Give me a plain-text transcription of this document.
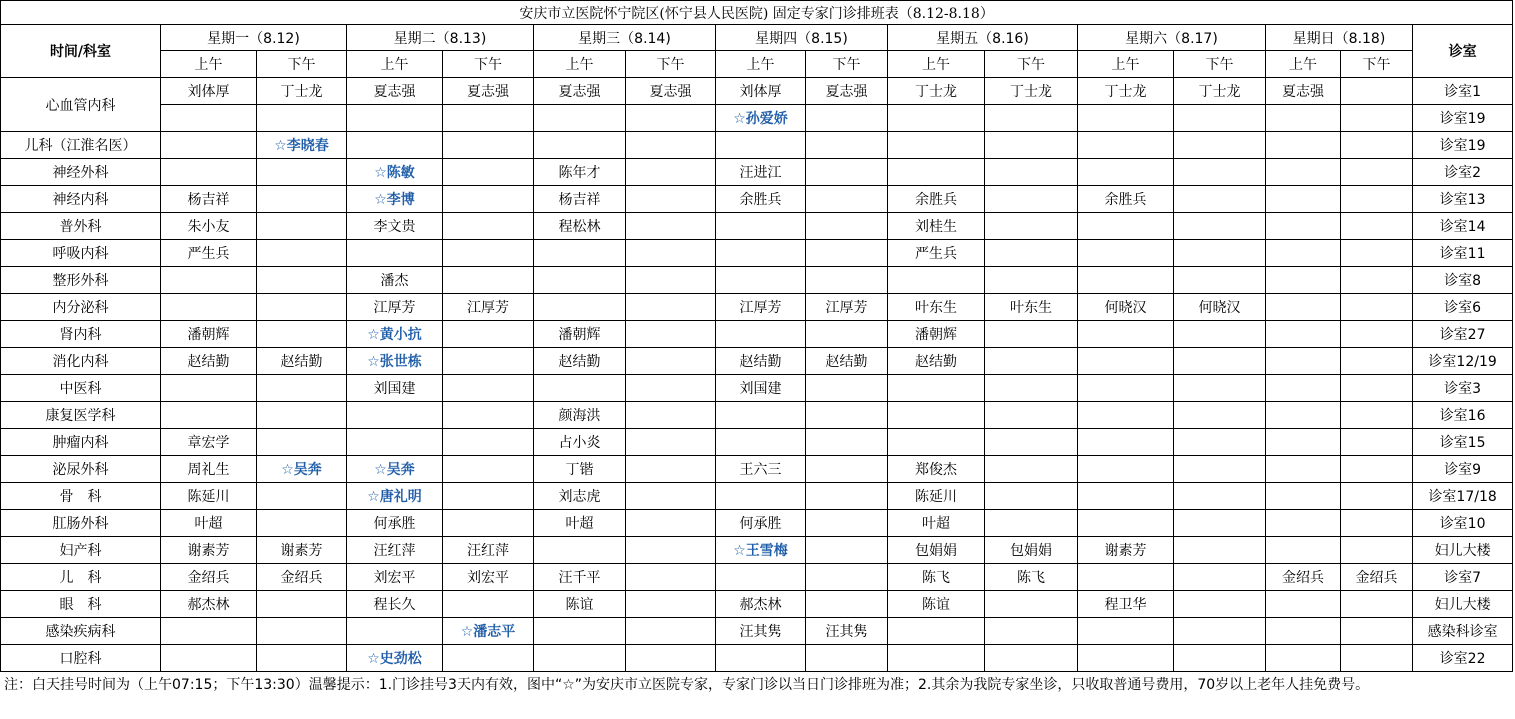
安庆市立医院怀宁院区(怀宁县人民医院) 固定专家门诊排班表（8.12-8.18）															
时间/科室	星期一（8.12)		星期二（8.13)		星期三（8.14)		星期四（8.15)		星期五（8.16)		星期六（8.17)		星期日（8.18)		诊室
	上午	下午	上午	下午	上午	下午	上午	下午	上午	下午	上午	下午	上午	下午	
心血管内科	刘体厚	丁士龙	夏志强	夏志强	夏志强	夏志强	刘体厚	夏志强	丁士龙	丁士龙	丁士龙	丁士龙	夏志强		诊室1
							☆孙爱娇								诊室19
儿科（江淮名医）		☆李晓春													诊室19
神经外科			☆陈敏		陈年才		汪进江								诊室2
神经内科	杨吉祥		☆李博		杨吉祥		余胜兵		余胜兵		余胜兵				诊室13
普外科	朱小友		李文贵		程松林				刘桂生						诊室14
呼吸内科	严生兵								严生兵						诊室11
整形外科			潘杰												诊室8
内分泌科			江厚芳	江厚芳			江厚芳	江厚芳	叶东生	叶东生	何晓汉	何晓汉			诊室6
肾内科	潘朝辉		☆黄小抗		潘朝辉				潘朝辉						诊室27
消化内科	赵结勤	赵结勤	☆张世栋		赵结勤		赵结勤	赵结勤	赵结勤						诊室12/19
中医科			刘国建				刘国建								诊室3
康复医学科					颜海洪										诊室16
肿瘤内科	章宏学				占小炎										诊室15
泌尿外科	周礼生	☆吴奔	☆吴奔		丁锴		王六三		郑俊杰						诊室9
骨　科	陈延川		☆唐礼明		刘志虎				陈延川						诊室17/18
肛肠外科	叶超		何承胜		叶超		何承胜		叶超						诊室10
妇产科	谢素芳	谢素芳	汪红萍	汪红萍			☆王雪梅		包娟娟	包娟娟	谢素芳				妇儿大楼
儿　科	金绍兵	金绍兵	刘宏平	刘宏平	汪千平				陈飞	陈飞			金绍兵	金绍兵	诊室7
眼　科	郝杰林		程长久		陈谊		郝杰林		陈谊		程卫华				妇儿大楼
感染疾病科				☆潘志平			汪其隽	汪其隽							感染科诊室
口腔科			☆史劲松												诊室22
注：白天挂号时间为（上午07:15；下午13:30）温馨提示：1.门诊挂号3天内有效，图中“☆”为安庆市立医院专家，专家门诊以当日门诊排班为准；2.其余为我院专家坐诊，只收取普通号费用，70岁以上老年人挂免费号。
